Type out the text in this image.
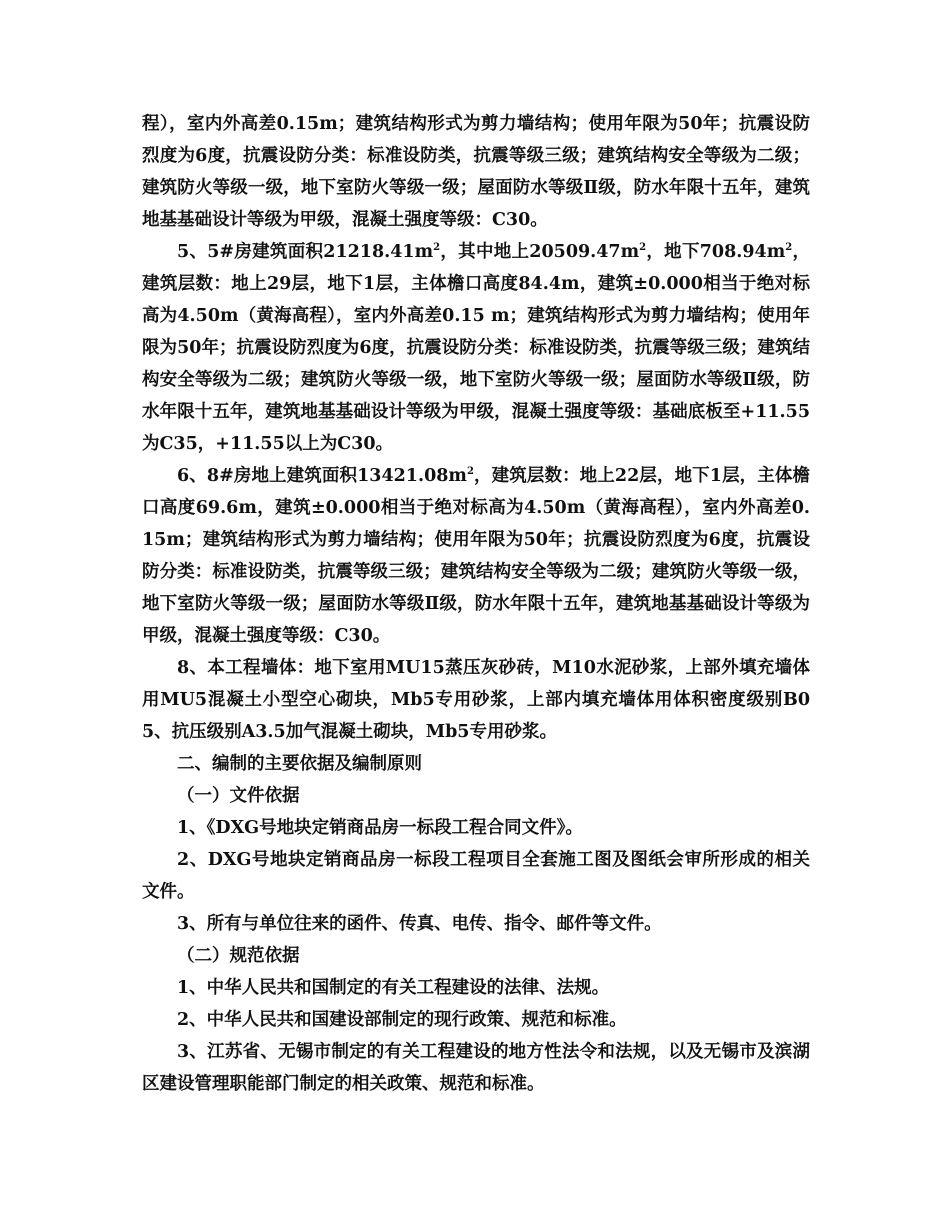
程），室内外高差0.15m；建筑结构形式为剪力墙结构；使用年限为50年；抗震设防烈度为6度，抗震设防分类：标准设防类，抗震等级三级；建筑结构安全等级为二级；建筑防火等级一级，地下室防火等级一级；屋面防水等级Ⅱ级，防水年限十五年，建筑地基基础设计等级为甲级，混凝土强度等级：C30。

5、5#房建筑面积$21218.41m^2$，其中地上$20509.47m^2$，地下$708.94m^2$，建筑层数：地上29层，地下1层，主体檐口高度84.4m，建筑±0.000相当于绝对标高为4.50m（黄海高程），室内外高差0.15 m；建筑结构形式为剪力墙结构；使用年限为50年；抗震设防烈度为6度，抗震设防分类：标准设防类，抗震等级三级；建筑结构安全等级为二级；建筑防火等级一级，地下室防火等级一级；屋面防水等级Ⅱ级，防水年限十五年，建筑地基基础设计等级为甲级，混凝土强度等级：基础底板至+11.55为C35，+11.55以上为C30。

6、8#房地上建筑面积$13421.08m^2$，建筑层数：地上22层，地下1层，主体檐口高度69.6m，建筑±0.000相当于绝对标高为4.50m（黄海高程），室内外高差0.15m；建筑结构形式为剪力墙结构；使用年限为50年；抗震设防烈度为6度，抗震设防分类：标准设防类，抗震等级三级；建筑结构安全等级为二级；建筑防火等级一级，地下室防火等级一级；屋面防水等级Ⅱ级，防水年限十五年，建筑地基基础设计等级为甲级，混凝土强度等级：C30。

8、本工程墙体：地下室用MU15蒸压灰砂砖，M10水泥砂浆，上部外填充墙体用MU5混凝土小型空心砌块，Mb5专用砂浆，上部内填充墙体用体积密度级别B05、抗压级别A3.5加气混凝土砌块，Mb5专用砂浆。

二、编制的主要依据及编制原则

（一）文件依据

1、《DXG号地块定销商品房一标段工程合同文件》。

2、DXG号地块定销商品房一标段工程项目全套施工图及图纸会审所形成的相关文件。

3、所有与单位往来的函件、传真、电传、指令、邮件等文件。

（二）规范依据

1、中华人民共和国制定的有关工程建设的法律、法规。

2、中华人民共和国建设部制定的现行政策、规范和标准。

3、江苏省、无锡市制定的有关工程建设的地方性法令和法规，以及无锡市及滨湖区建设管理职能部门制定的相关政策、规范和标准。
